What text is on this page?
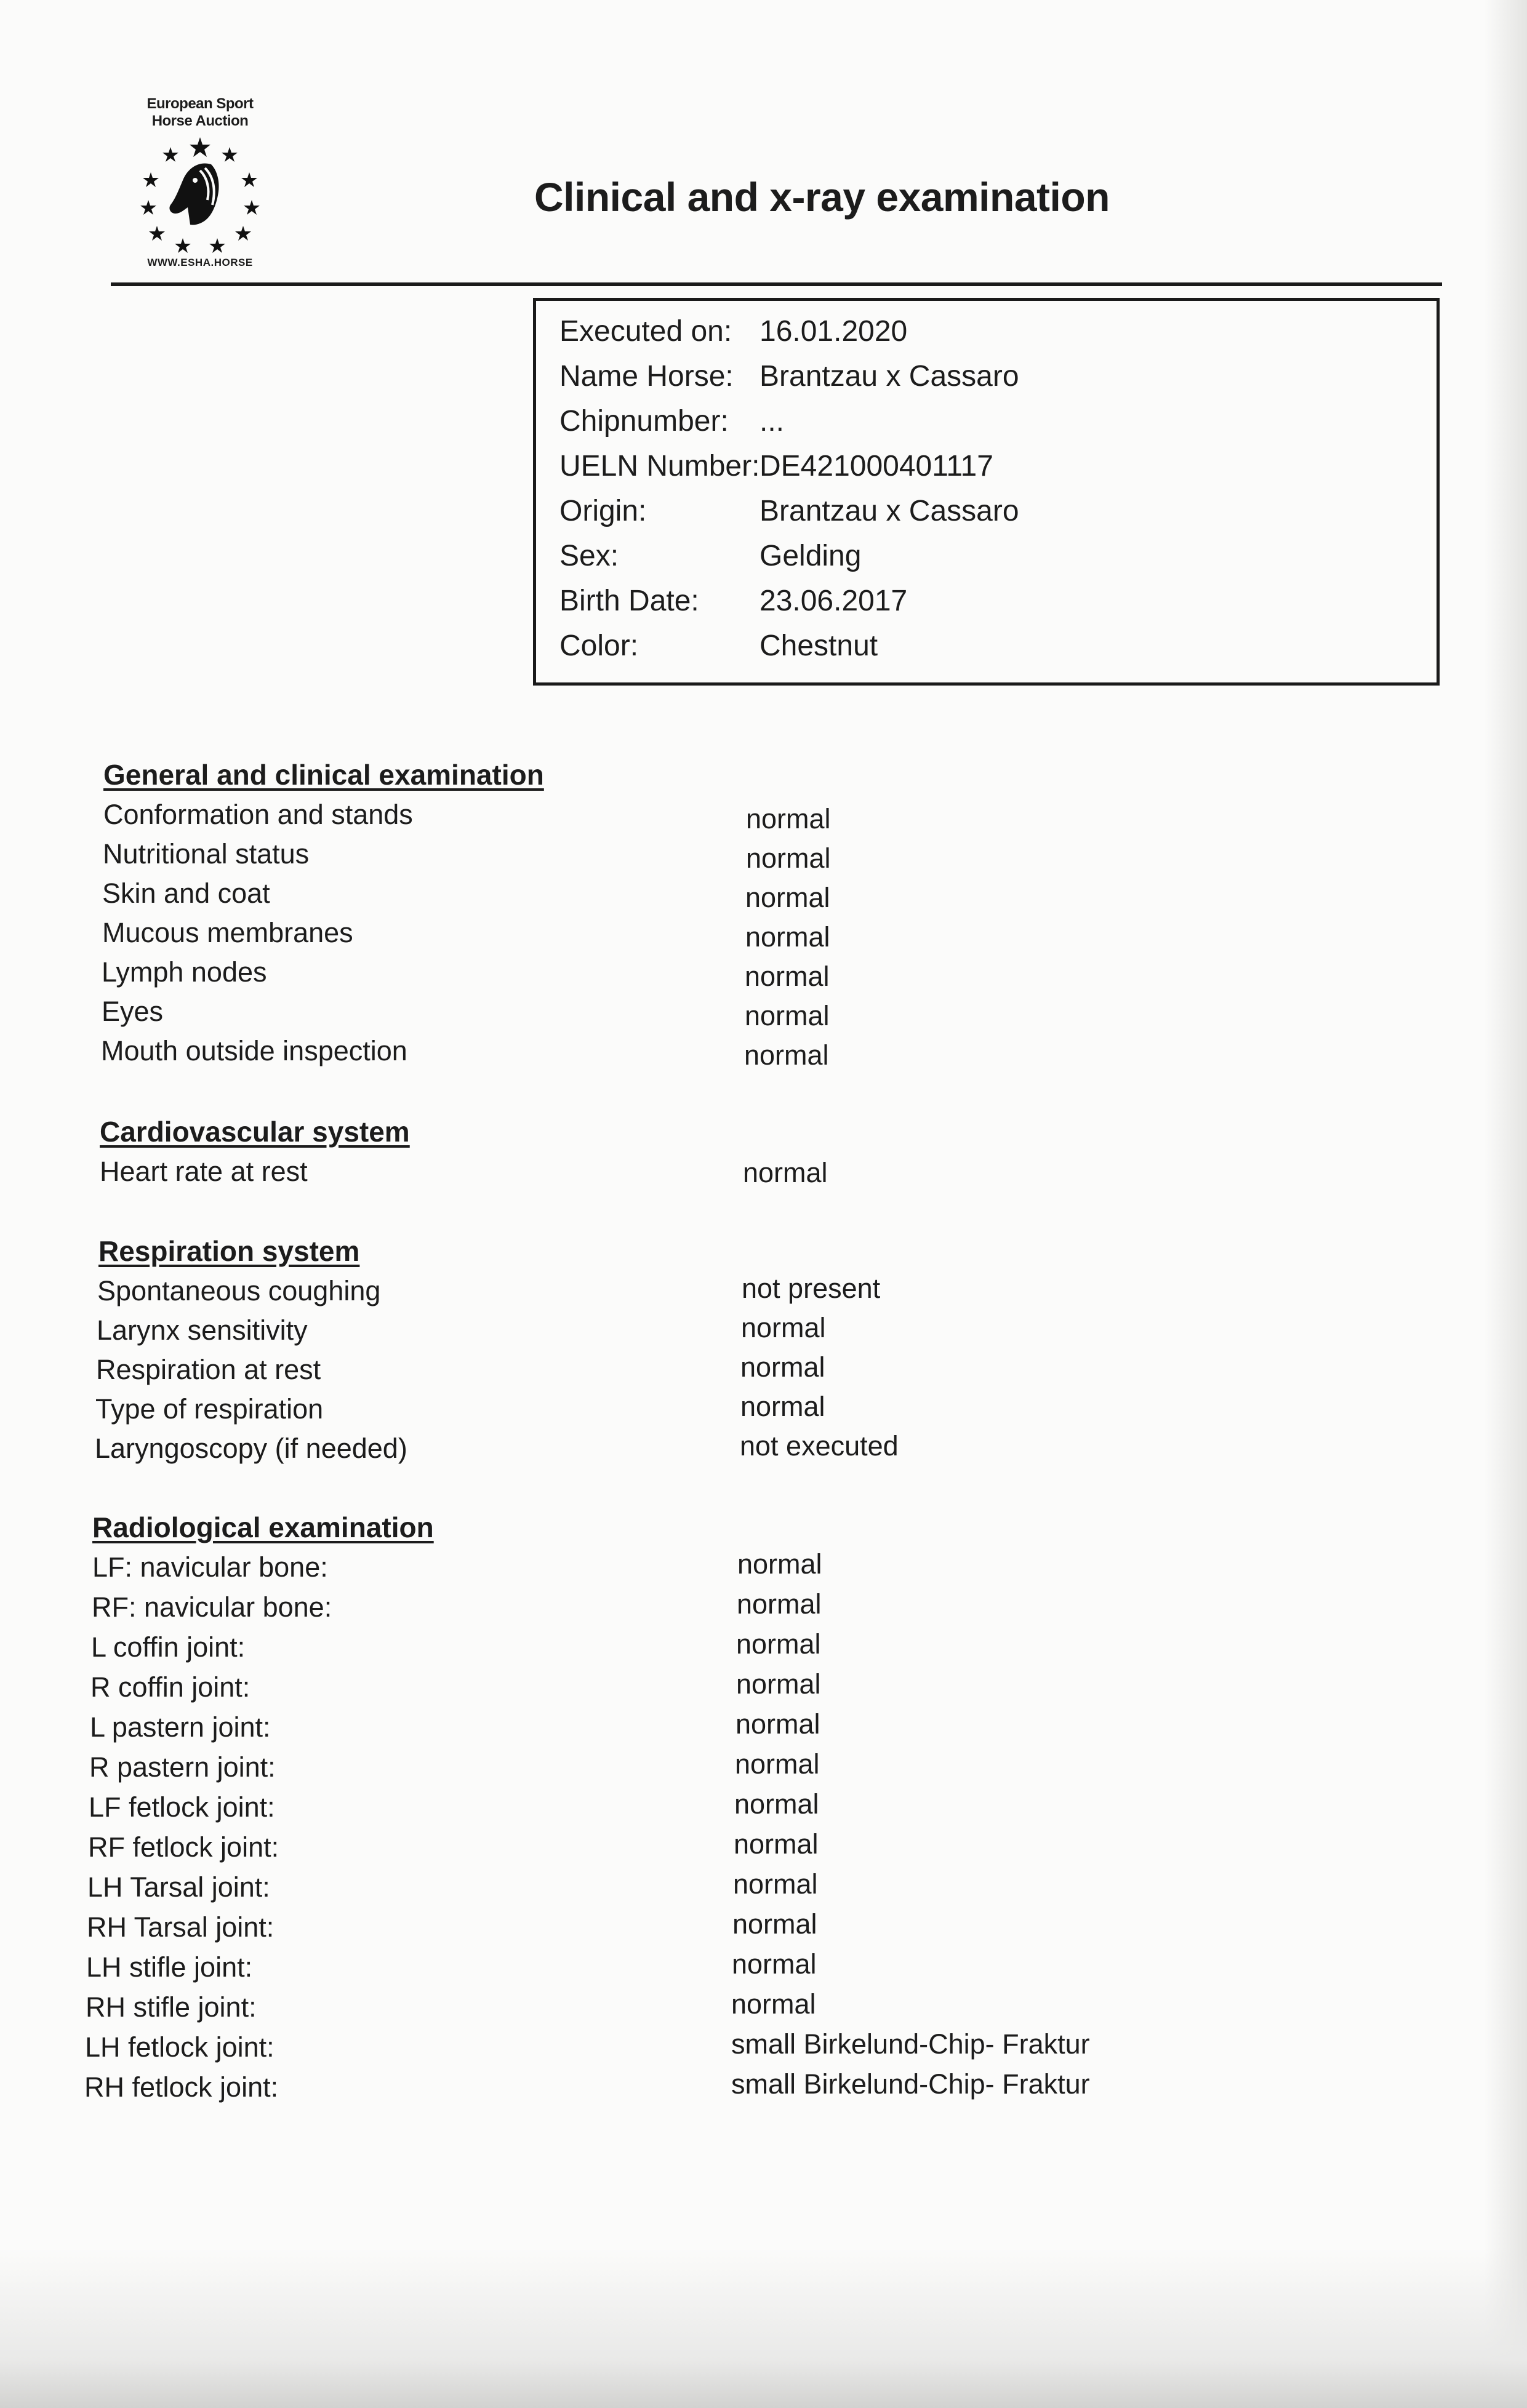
European Sport
Horse Auction
WWW.ESHA.HORSE
Clinical and x-ray examination
Executed on: 16.01.2020
Name Horse: Brantzau x Cassaro
Chipnumber: ...
UELN Number: DE421000401117
Origin:	Brantzau x Cassaro
Sex:	Gelding
Birth Date: 23.06.2017
Color:	Chestnut
General and clinical examination
Conformation and stands	normal
Nutritional status	normal
Skin and coat	normal
Mucous membranes	normal
Lymph nodes	normal
Eyes	normal
Mouth outside inspection	normal
Cardiovascular system
Heart rate at rest	normal
Respiration system
Spontaneous coughing	not present
Larynx sensitivity	normal
Respiration at rest	normal
Type of respiration	normal
Laryngoscopy (if needed)	not executed
Radiological examination
LF: navicular bone:	normal
RF: navicular bone:	normal
L coffin joint:	normal
R coffin joint:	normal
L pastern joint:	normal
R pastern joint:	normal
LF fetlock joint:	normal
RF fetlock joint:	normal
LH Tarsal joint:	normal
RH Tarsal joint:	normal
LH stifle joint:	normal
RH stifle joint:	normal
LH fetlock joint:	small Birkelund-Chip- Fraktur
RH fetlock joint:	small Birkelund-Chip- Fraktur
